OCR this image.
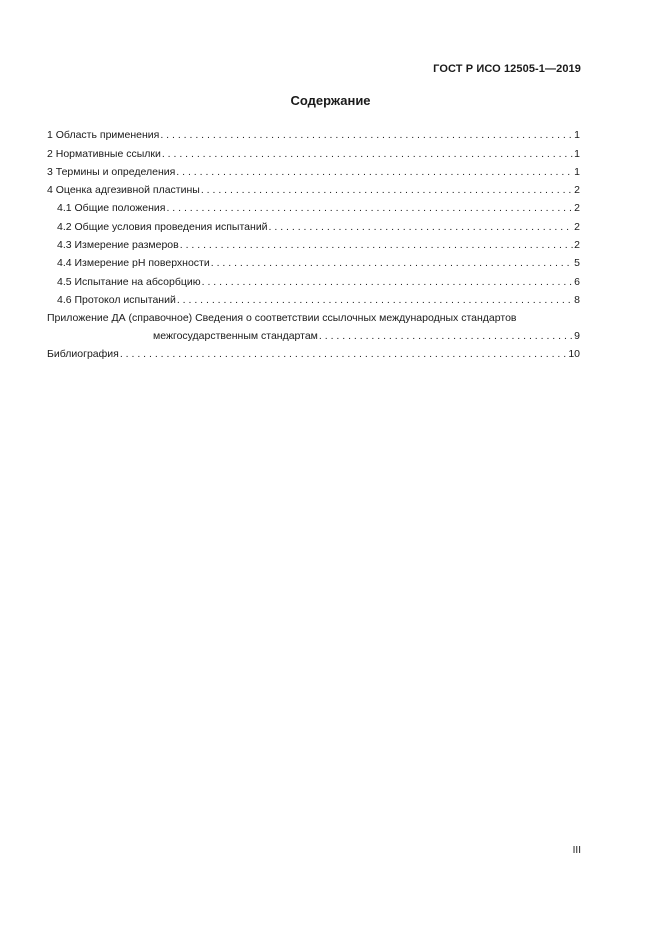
ГОСТ Р ИСО 12505-1—2019
Содержание
1 Область применения . . .	1
2 Нормативные ссылки . . .	1
3 Термины и определения . . .	1
4 Оценка адгезивной пластины . . .	2
4.1 Общие положения . . .	2
4.2 Общие условия проведения испытаний . . .	2
4.3 Измерение размеров . . .	2
4.4 Измерение pH поверхности . . .	5
4.5 Испытание на абсорбцию . . .	6
4.6 Протокол испытаний . . .	8
Приложение ДА (справочное) Сведения о соответствии ссылочных международных стандартов
межгосударственным стандартам . . .	9
Библиография . . .	10
III
